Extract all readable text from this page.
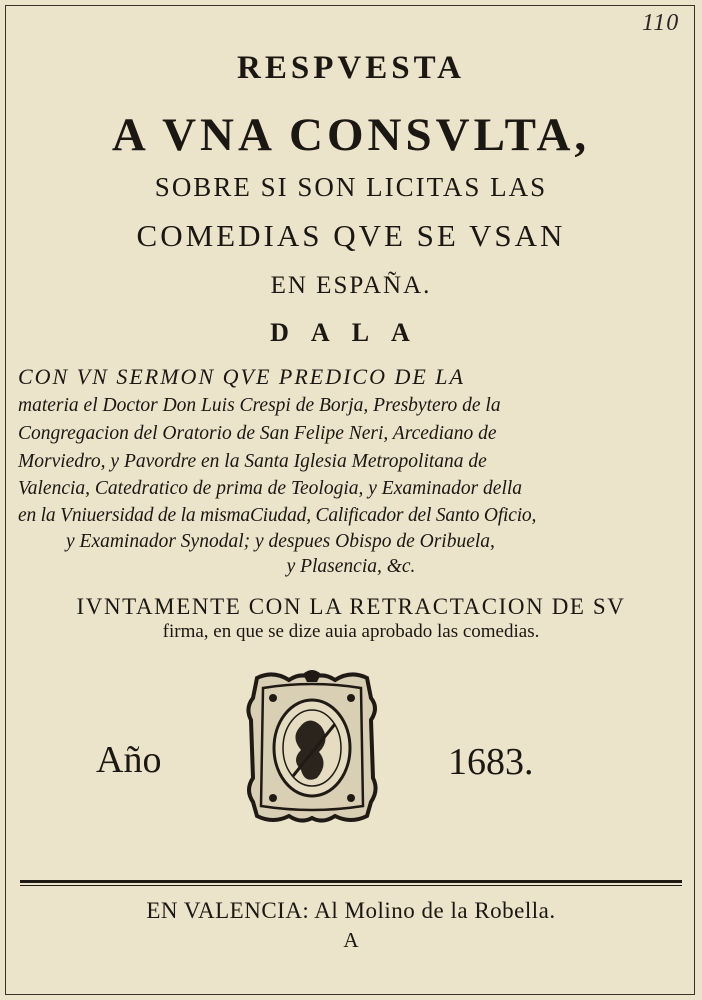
110
RESPVESTA
A VNA CONSVLTA,
SOBRE SI SON LICITAS LAS
COMEDIAS QVE SE VSAN
EN ESPAÑA.
DALA
CON VN SERMON QVE PREDICO DE LA
materia el Doctor Don Luis Crespi de Borja, Presbytero de la
Congregacion del Oratorio de San Felipe Neri, Arcediano de
Morviedro, y Pavordre en la Santa Iglesia Metropolitana de
Valencia, Catedratico de prima de Teologia, y Examinador della
en la Vniuersidad de la mismaCiudad, Calificador del Santo Oficio,
y Examinador Synodal; y despues Obispo de Oribuela,
y Plasencia, &c.
IVNTAMENTE CON LA RETRACTACION DE SV
firma, en que se dize auia aprobado las comedias.
Año	1683.
EN VALENCIA: Al Molino de la Robella.
A
